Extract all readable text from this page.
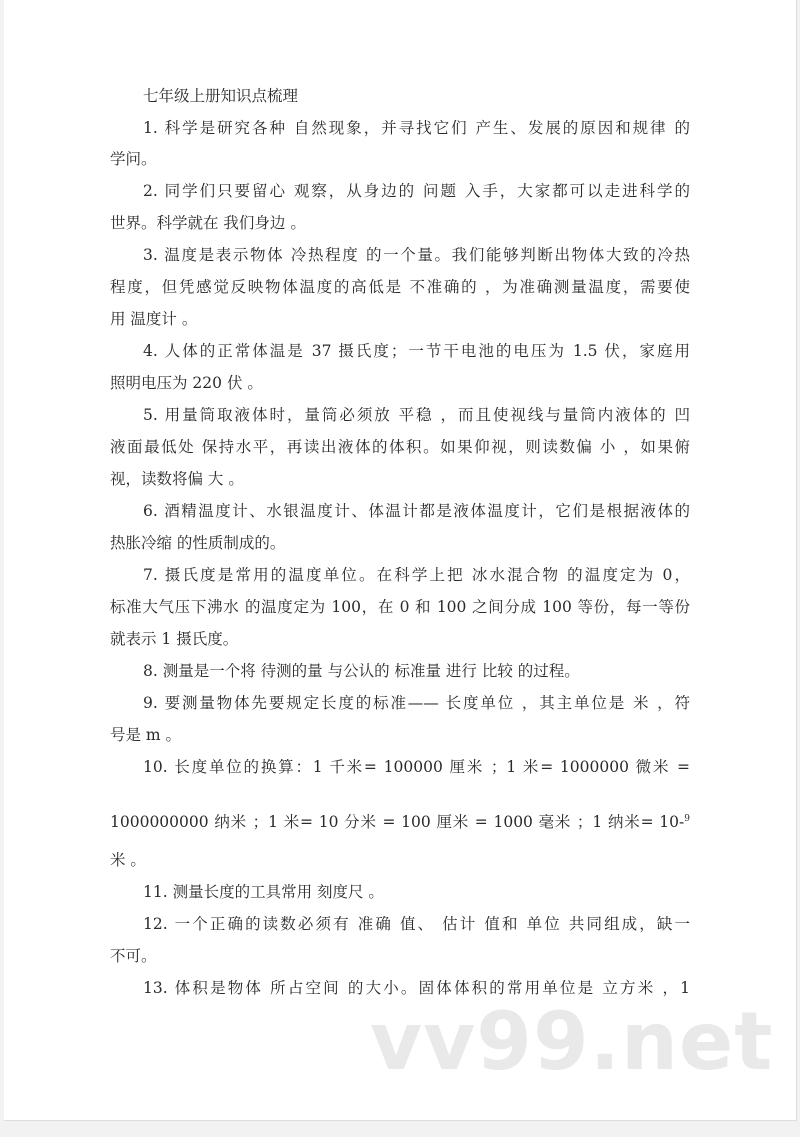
七年级上册知识点梳理
1. 科学是研究各种 自然现象，并寻找它们 产生、发展的原因和规律 的
学问。
2. 同学们只要留心 观察，从身边的 问题 入手，大家都可以走进科学的
世界。科学就在 我们身边 。
3. 温度是表示物体 冷热程度 的一个量。我们能够判断出物体大致的冷热
程度，但凭感觉反映物体温度的高低是 不准确的 ，为准确测量温度，需要使
用 温度计 。
4. 人体的正常体温是 37 摄氏度；一节干电池的电压为 1.5 伏，家庭用
照明电压为 220 伏 。
5. 用量筒取液体时，量筒必须放 平稳 ，而且使视线与量筒内液体的 凹
液面最低处 保持水平，再读出液体的体积。如果仰视，则读数偏 小 ，如果俯
视，读数将偏 大 。
6. 酒精温度计、水银温度计、体温计都是液体温度计，它们是根据液体的
热胀冷缩 的性质制成的。
7. 摄氏度是常用的温度单位。在科学上把 冰水混合物 的温度定为 0，
标准大气压下沸水 的温度定为 100，在 0 和 100 之间分成 100 等份，每一等份
就表示 1 摄氏度。
8. 测量是一个将 待测的量 与公认的 标准量 进行 比较 的过程。
9. 要测量物体先要规定长度的标准—— 长度单位 ，其主单位是 米 ，符
号是 m 。
10. 长度单位的换算：1 千米= 100000 厘米 ；1 米= 1000000 微米 =
1000000000 纳米 ；1 米= 10 分米 = 100 厘米 = 1000 毫米 ；1 纳米= 10-$^9$
米 。
11. 测量长度的工具常用 刻度尺 。
12. 一个正确的读数必须有 准确 值、 估计 值和 单位 共同组成，缺一
不可。
13. 体积是物体 所占空间 的大小。固体体积的常用单位是 立方米 ，1
vv99.net
